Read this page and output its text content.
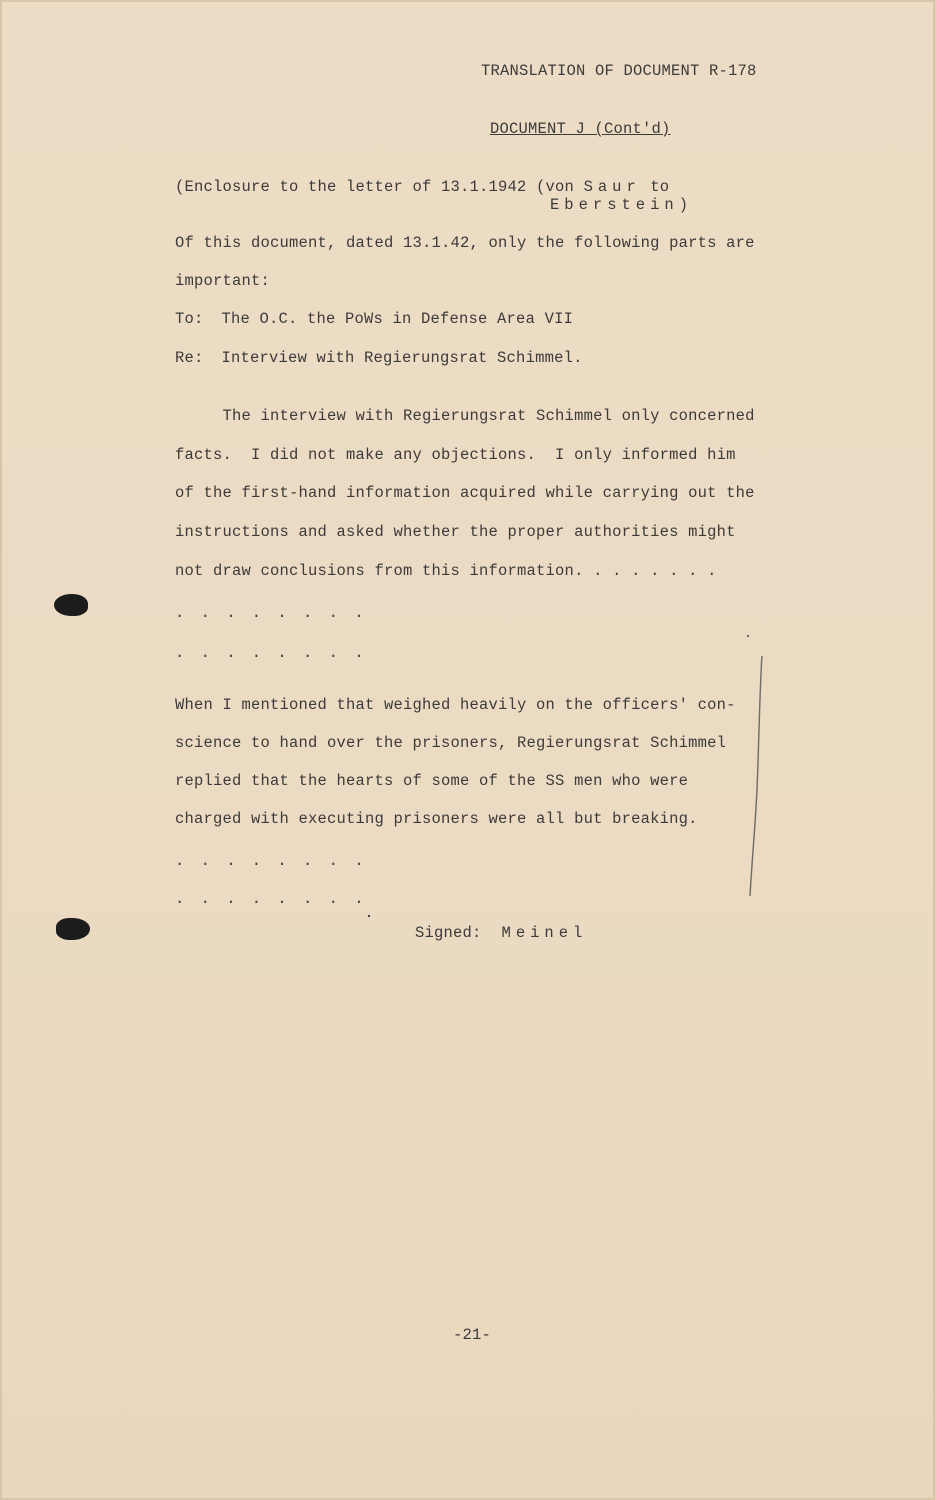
TRANSLATION OF DOCUMENT R-178
DOCUMENT J (Cont'd)
(Enclosure to the letter of 13.1.1942 (von Saur to
Eberstein)
Of this document, dated 13.1.42, only the following parts are
important:
To: The O.C. the PoWs in Defense Area VII
Re: Interview with Regierungsrat Schimmel.
The interview with Regierungsrat Schimmel only concerned
facts.  I did not make any objections.  I only informed him
of the first-hand information acquired while carrying out the
instructions and asked whether the proper authorities might
not draw conclusions from this information. . . . . . . .
. . . . . . . .
. . . . . . . .
When I mentioned that weighed heavily on the officers' con-
science to hand over the prisoners, Regierungsrat Schimmel
replied that the hearts of some of the SS men who were
charged with executing prisoners were all but breaking.
. . . . . . . .
. . . . . . . .
Signed: Meinel
-21-
